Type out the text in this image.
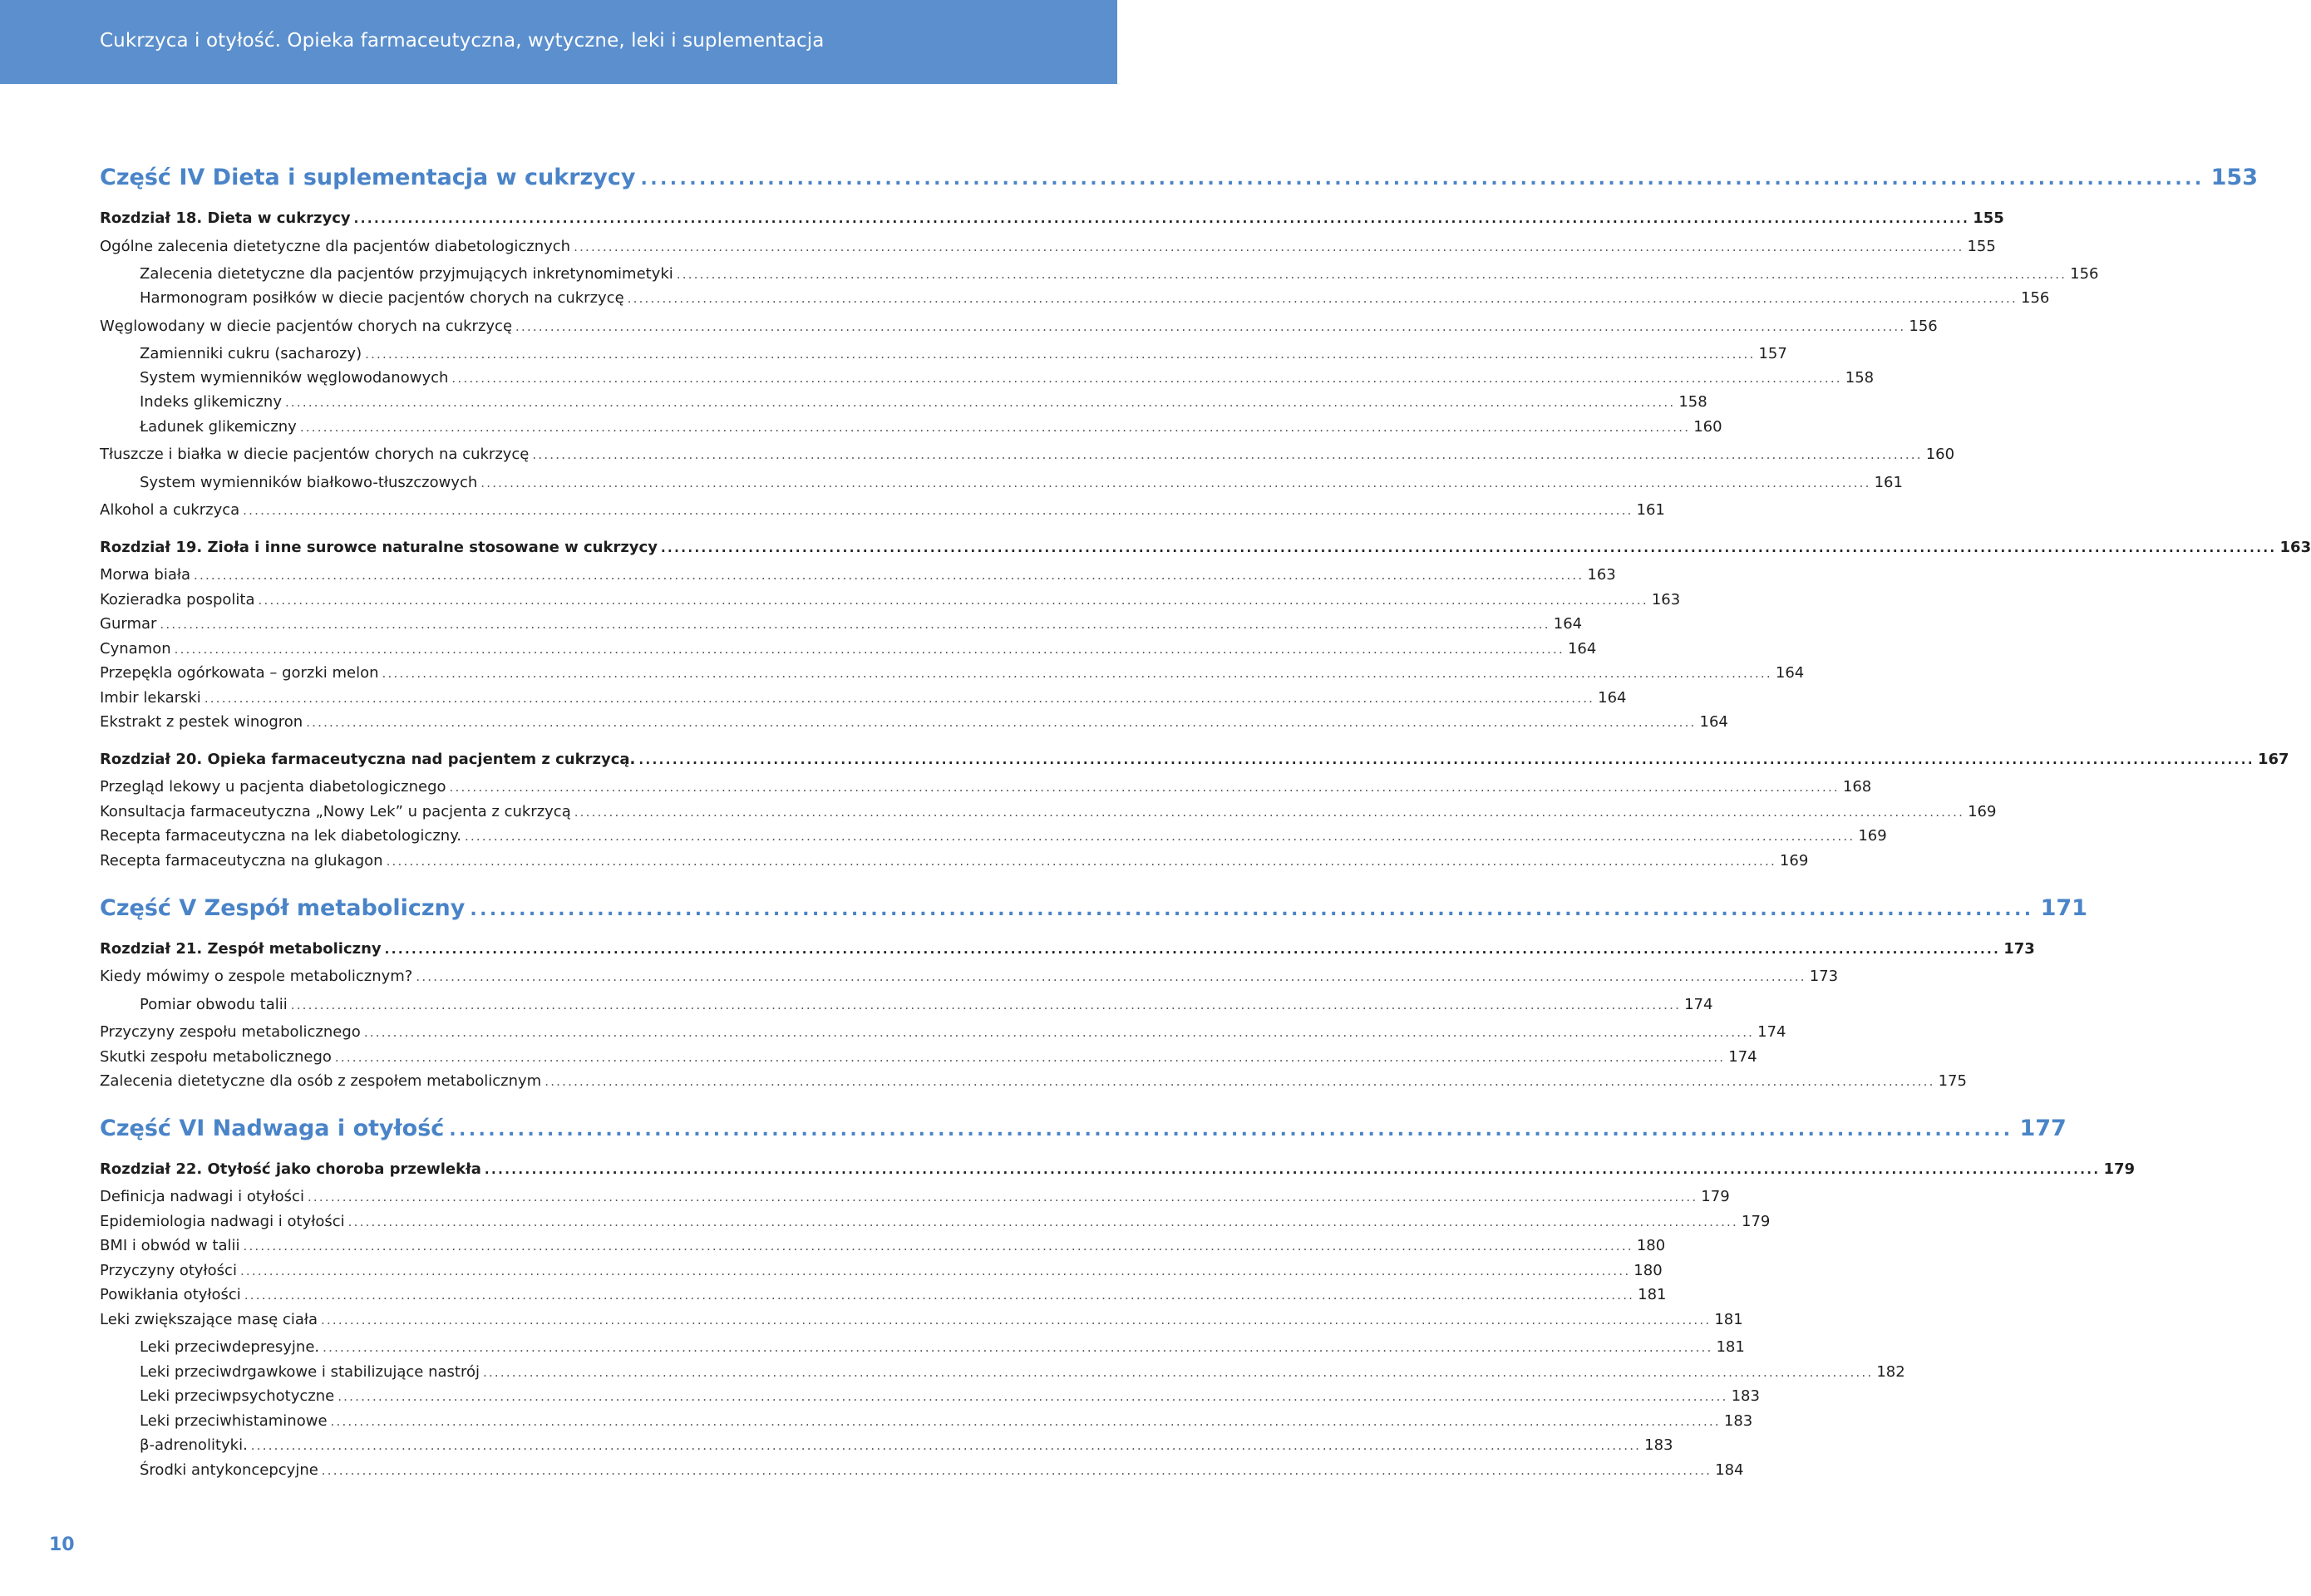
Cukrzyca i otyłość. Opieka farmaceutyczna, wytyczne, leki i suplementacja
Część IV Dieta i suplementacja w cukrzycy ................................................................................................................................................................ 153
Rozdział 18. Dieta w cukrzycy ................................................................................................................................................................................................................................................ 155
Ogólne zalecenia dietetyczne dla pacjentów diabetologicznych ................................................................................................................................................................................................................................................ 155
Zalecenia dietetyczne dla pacjentów przyjmujących inkretynomimetyki ................................................................................................................................................................................................................................................ 156
Harmonogram posiłków w diecie pacjentów chorych na cukrzycę ................................................................................................................................................................................................................................................ 156
Węglowodany w diecie pacjentów chorych na cukrzycę ................................................................................................................................................................................................................................................ 156
Zamienniki cukru (sacharozy) ................................................................................................................................................................................................................................................ 157
System wymienników węglowodanowych ................................................................................................................................................................................................................................................ 158
Indeks glikemiczny ................................................................................................................................................................................................................................................ 158
Ładunek glikemiczny ................................................................................................................................................................................................................................................ 160
Tłuszcze i białka w diecie pacjentów chorych na cukrzycę ................................................................................................................................................................................................................................................ 160
System wymienników białkowo-tłuszczowych ................................................................................................................................................................................................................................................ 161
Alkohol a cukrzyca ................................................................................................................................................................................................................................................ 161
Rozdział 19. Zioła i inne surowce naturalne stosowane w cukrzycy ................................................................................................................................................................................................................................................ 163
Morwa biała ................................................................................................................................................................................................................................................ 163
Kozieradka pospolita ................................................................................................................................................................................................................................................ 163
Gurmar ................................................................................................................................................................................................................................................ 164
Cynamon ................................................................................................................................................................................................................................................ 164
Przepękla ogórkowata – gorzki melon ................................................................................................................................................................................................................................................ 164
Imbir lekarski ................................................................................................................................................................................................................................................ 164
Ekstrakt z pestek winogron ................................................................................................................................................................................................................................................ 164
Rozdział 20. Opieka farmaceutyczna nad pacjentem z cukrzycą. ................................................................................................................................................................................................................................................ 167
Przegląd lekowy u pacjenta diabetologicznego ................................................................................................................................................................................................................................................ 168
Konsultacja farmaceutyczna „Nowy Lek” u pacjenta z cukrzycą ................................................................................................................................................................................................................................................ 169
Recepta farmaceutyczna na lek diabetologiczny. ................................................................................................................................................................................................................................................ 169
Recepta farmaceutyczna na glukagon ................................................................................................................................................................................................................................................ 169
Część V Zespół metaboliczny ................................................................................................................................................................ 171
Rozdział 21. Zespół metaboliczny ................................................................................................................................................................................................................................................ 173
Kiedy mówimy o zespole metabolicznym? ................................................................................................................................................................................................................................................ 173
Pomiar obwodu talii ................................................................................................................................................................................................................................................ 174
Przyczyny zespołu metabolicznego ................................................................................................................................................................................................................................................ 174
Skutki zespołu metabolicznego ................................................................................................................................................................................................................................................ 174
Zalecenia dietetyczne dla osób z zespołem metabolicznym ................................................................................................................................................................................................................................................ 175
Część VI Nadwaga i otyłość ................................................................................................................................................................ 177
Rozdział 22. Otyłość jako choroba przewlekła ................................................................................................................................................................................................................................................ 179
Definicja nadwagi i otyłości ................................................................................................................................................................................................................................................ 179
Epidemiologia nadwagi i otyłości ................................................................................................................................................................................................................................................ 179
BMI i obwód w talii ................................................................................................................................................................................................................................................ 180
Przyczyny otyłości ................................................................................................................................................................................................................................................ 180
Powikłania otyłości ................................................................................................................................................................................................................................................ 181
Leki zwiększające masę ciała ................................................................................................................................................................................................................................................ 181
Leki przeciwdepresyjne. ................................................................................................................................................................................................................................................ 181
Leki przeciwdrgawkowe i stabilizujące nastrój ................................................................................................................................................................................................................................................ 182
Leki przeciwpsychotyczne ................................................................................................................................................................................................................................................ 183
Leki przeciwhistaminowe ................................................................................................................................................................................................................................................ 183
β-adrenolityki. ................................................................................................................................................................................................................................................ 183
Środki antykoncepcyjne ................................................................................................................................................................................................................................................ 184
10
